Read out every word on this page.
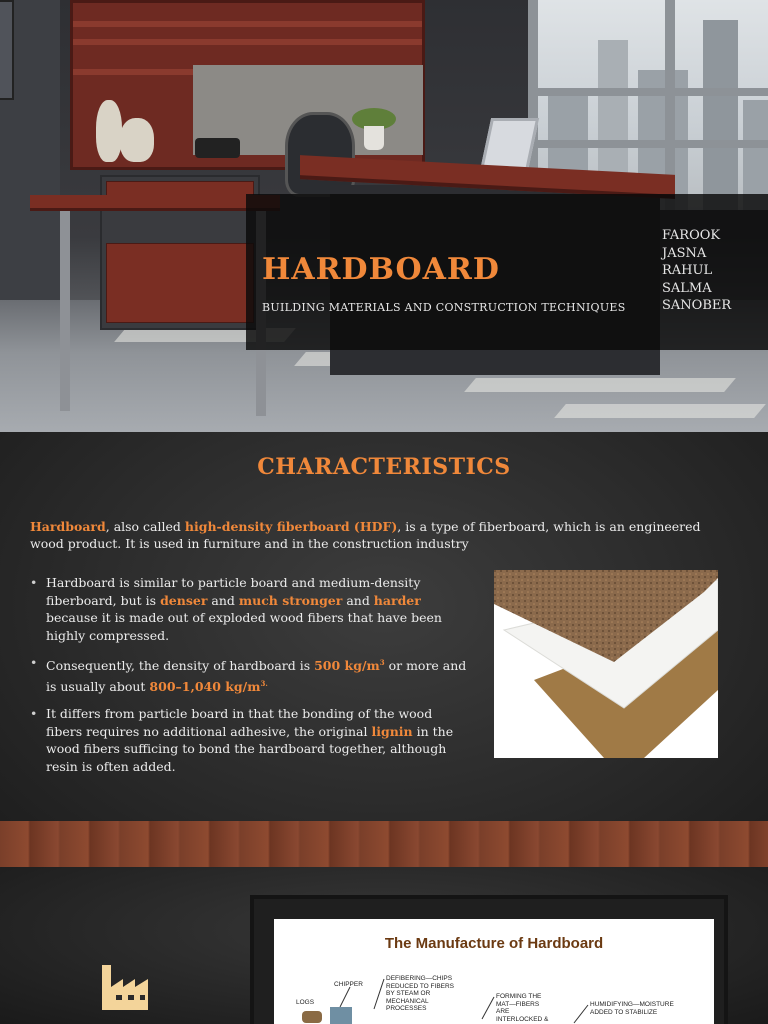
HARDBOARD
BUILDING MATERIALS AND CONSTRUCTION TECHNIQUES
FAROOK
JASNA
RAHUL
SALMA
SANOBER
CHARACTERISTICS

Hardboard, also called high-density fiberboard (HDF), is a type of fiberboard, which is an engineered wood product. It is used in furniture and in the construction industry

• Hardboard is similar to particle board and medium-density fiberboard, but is denser and much stronger and harder because it is made out of exploded wood fibers that have been highly compressed.
• Consequently, the density of hardboard is 500 $kg/m^3$ or more and is usually about 800–1,040 $kg/m^{3.}$
• It differs from particle board in that the bonding of the wood fibers requires no additional adhesive, the original lignin in the wood fibers sufficing to bond the hardboard together, although resin is often added.
The Manufacture of Hardboard
LOGS
CHIPPER
DEFIBERING—CHIPS REDUCED TO FIBERS BY STEAM OR MECHANICAL PROCESSES
FORMING THE MAT—FIBERS ARE INTERLOCKED &
HUMIDIFYING—MOISTURE ADDED TO STABILIZE
